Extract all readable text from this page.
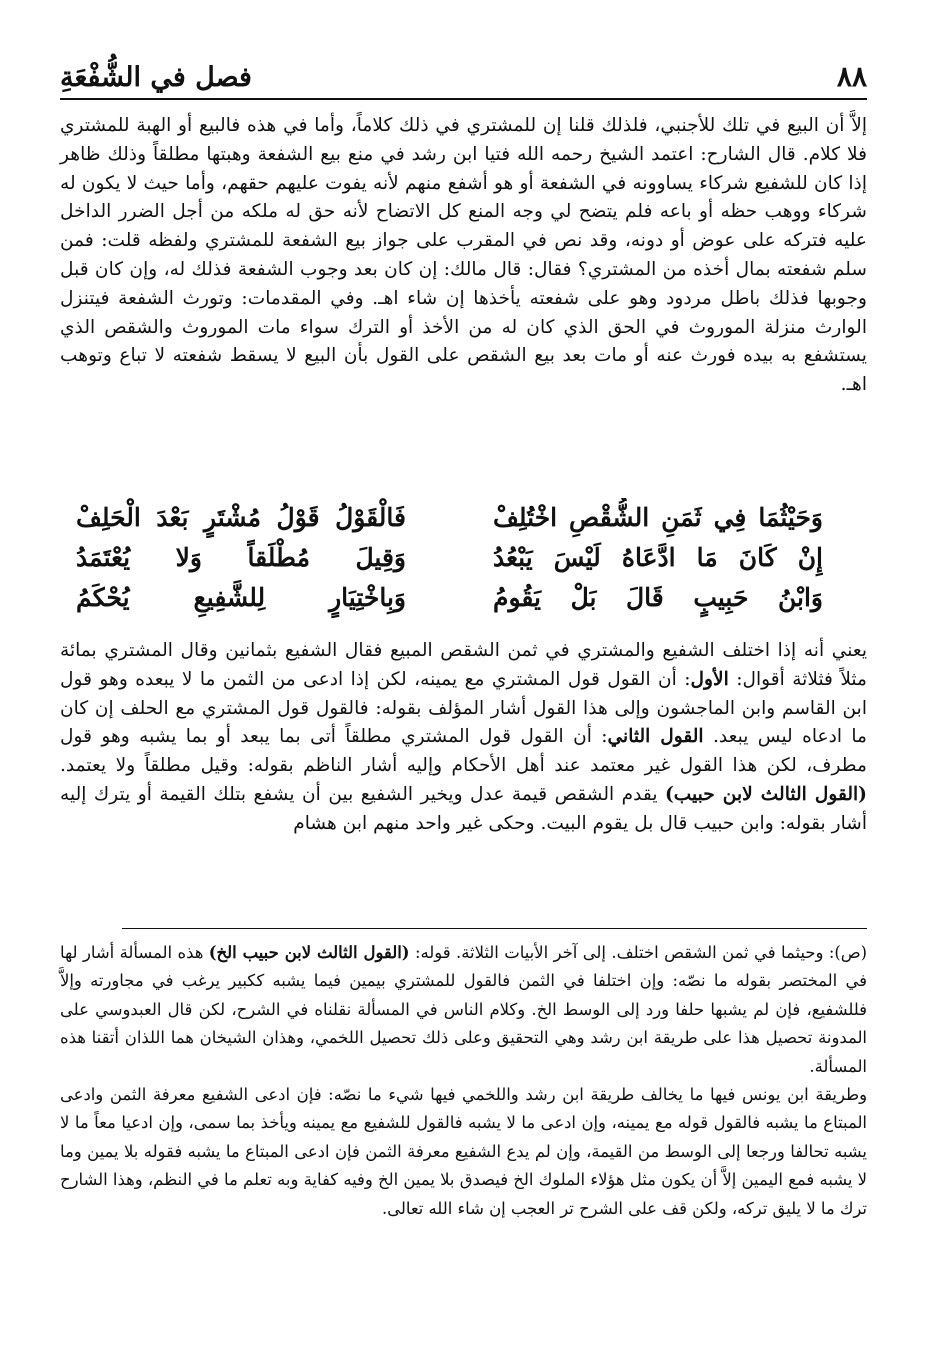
فصل في الشُّفْعَةِ	٨٨

إلاَّ أن البيع في تلك للأجنبي، فلذلك قلنا إن للمشتري في ذلك كلاماً، وأما في هذه فالبيع أو الهبة للمشتري فلا كلام. قال الشارح: اعتمد الشيخ رحمه الله فتيا ابن رشد في منع بيع الشفعة وهبتها مطلقاً وذلك ظاهر إذا كان للشفيع شركاء يساوونه في الشفعة أو هو أشفع منهم لأنه يفوت عليهم حقهم، وأما حيث لا يكون له شركاء ووهب حظه أو باعه فلم يتضح لي وجه المنع كل الاتضاح لأنه حق له ملكه من أجل الضرر الداخل عليه فتركه على عوض أو دونه، وقد نص في المقرب على جواز بيع الشفعة للمشتري ولفظه قلت: فمن سلم شفعته بمال أخذه من المشتري؟ فقال: قال مالك: إن كان بعد وجوب الشفعة فذلك له، وإن كان قبل وجوبها فذلك باطل مردود وهو على شفعته يأخذها إن شاء اهـ. وفي المقدمات: وتورث الشفعة فيتنزل الوارث منزلة الموروث في الحق الذي كان له من الأخذ أو الترك سواء مات الموروث والشقص الذي يستشفع به بيده فورث عنه أو مات بعد بيع الشقص على القول بأن البيع لا يسقط شفعته لا تباع وتوهب اهـ.

وَحَيْثُمَا فِي ثَمَنِ الشُّقْصِ اخْتُلِفْ
فَالْقَوْلُ قَوْلُ مُشْتَرٍ بَعْدَ الْحَلِفْ
إِنْ كَانَ مَا ادَّعَاهُ لَيْسَ يَبْعُدُ
وَقِيلَ مُطْلَقاً وَلا يُعْتَمَدُ
وَابْنُ حَبِيبٍ قَالَ بَلْ يَقُومُ
وَبِاخْتِيَارٍ لِلشَّفِيعِ يُحْكَمُ
يعني أنه إذا اختلف الشفيع والمشتري في ثمن الشقص المبيع فقال الشفيع بثمانين وقال المشتري بمائة مثلاً فثلاثة أقوال: الأول: أن القول قول المشتري مع يمينه، لكن إذا ادعى من الثمن ما لا يبعده وهو قول ابن القاسم وابن الماجشون وإلى هذا القول أشار المؤلف بقوله: فالقول قول المشتري مع الحلف إن كان ما ادعاه ليس يبعد. القول الثاني: أن القول قول المشتري مطلقاً أتى بما يبعد أو بما يشبه وهو قول مطرف، لكن هذا القول غير معتمد عند أهل الأحكام وإليه أشار الناظم بقوله: وقيل مطلقاً ولا يعتمد. (القول الثالث لابن حبيب) يقدم الشقص قيمة عدل ويخير الشفيع بين أن يشفع بتلك القيمة أو يترك إليه أشار بقوله: وابن حبيب قال بل يقوم البيت. وحكى غير واحد منهم ابن هشام

(ص): وحيثما في ثمن الشقص اختلف. إلى آخر الأبيات الثلاثة. قوله: (القول الثالث لابن حبيب الخ) هذه المسألة أشار لها في المختصر بقوله ما نصّه: وإن اختلفا في الثمن فالقول للمشتري بيمين فيما يشبه ككبير يرغب في مجاورته وإلاَّ فللشفيع، فإن لم يشبها حلفا ورد إلى الوسط الخ. وكلام الناس في المسألة نقلناه في الشرح، لكن قال العبدوسي على المدونة تحصيل هذا على طريقة ابن رشد وهي التحقيق وعلى ذلك تحصيل اللخمي، وهذان الشيخان هما اللذان أتقنا هذه المسألة.

وطريقة ابن يونس فيها ما يخالف طريقة ابن رشد واللخمي فيها شيء ما نصّه: فإن ادعى الشفيع معرفة الثمن وادعى المبتاع ما يشبه فالقول قوله مع يمينه، وإن ادعى ما لا يشبه فالقول للشفيع مع يمينه ويأخذ بما سمى، وإن ادعيا معاً ما لا يشبه تحالفا ورجعا إلى الوسط من القيمة، وإن لم يدع الشفيع معرفة الثمن فإن ادعى المبتاع ما يشبه فقوله بلا يمين وما لا يشبه فمع اليمين إلاَّ أن يكون مثل هؤلاء الملوك الخ فيصدق بلا يمين الخ وفيه كفاية وبه تعلم ما في النظم، وهذا الشارح ترك ما لا يليق تركه، ولكن قف على الشرح تر العجب إن شاء الله تعالى.
